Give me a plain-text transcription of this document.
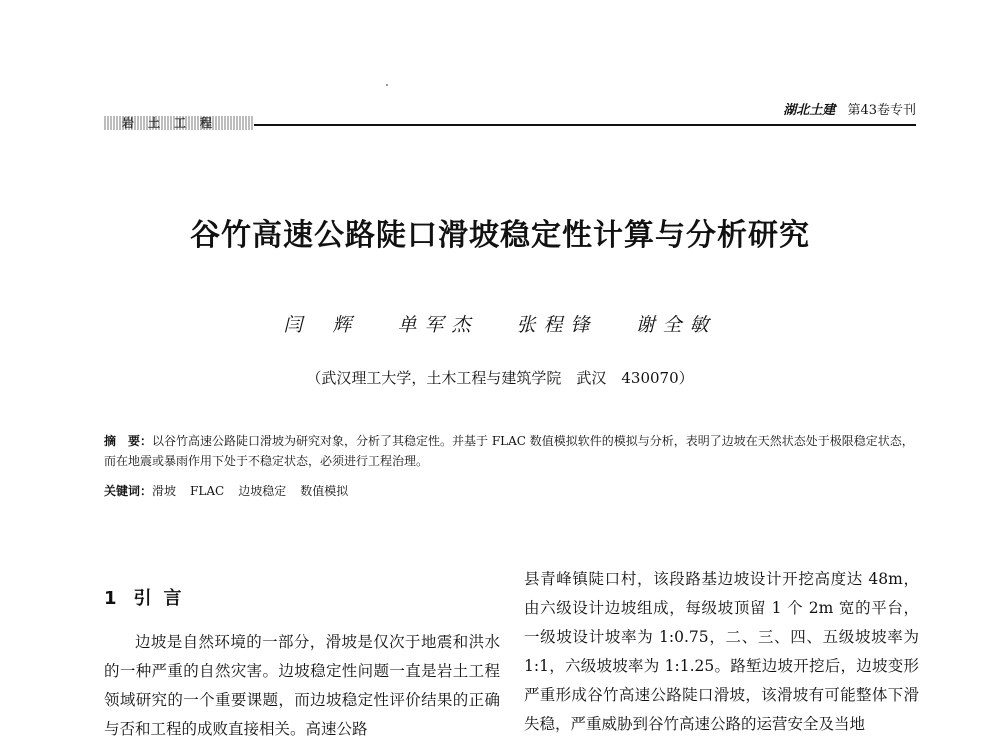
岩土工程
湖北土建 第43卷专刊
谷竹高速公路陡口滑坡稳定性计算与分析研究
闫 辉 单军杰 张程锋 谢全敏
（武汉理工大学，土木工程与建筑学院　武汉　430070）
摘　要：以谷竹高速公路陡口滑坡为研究对象，分析了其稳定性。并基于 FLAC 数值模拟软件的模拟与分析，表明了边坡在天然状态处于极限稳定状态，而在地震或暴雨作用下处于不稳定状态，必须进行工程治理。
关键词：滑坡 FLAC 边坡稳定 数值模拟
1 引言

边坡是自然环境的一部分，滑坡是仅次于地震和洪水的一种严重的自然灾害。边坡稳定性问题一直是岩土工程领域研究的一个重要课题，而边坡稳定性评价结果的正确与否和工程的成败直接相关。高速公路

县青峰镇陡口村，该段路基边坡设计开挖高度达 48m，由六级设计边坡组成，每级坡顶留 1 个 2m 宽的平台，一级坡设计坡率为 1:0.75，二、三、四、五级坡坡率为 1:1，六级坡坡率为 1:1.25。路堑边坡开挖后，边坡变形严重形成谷竹高速公路陡口滑坡，该滑坡有可能整体下滑失稳，严重威胁到谷竹高速公路的运营安全及当地
